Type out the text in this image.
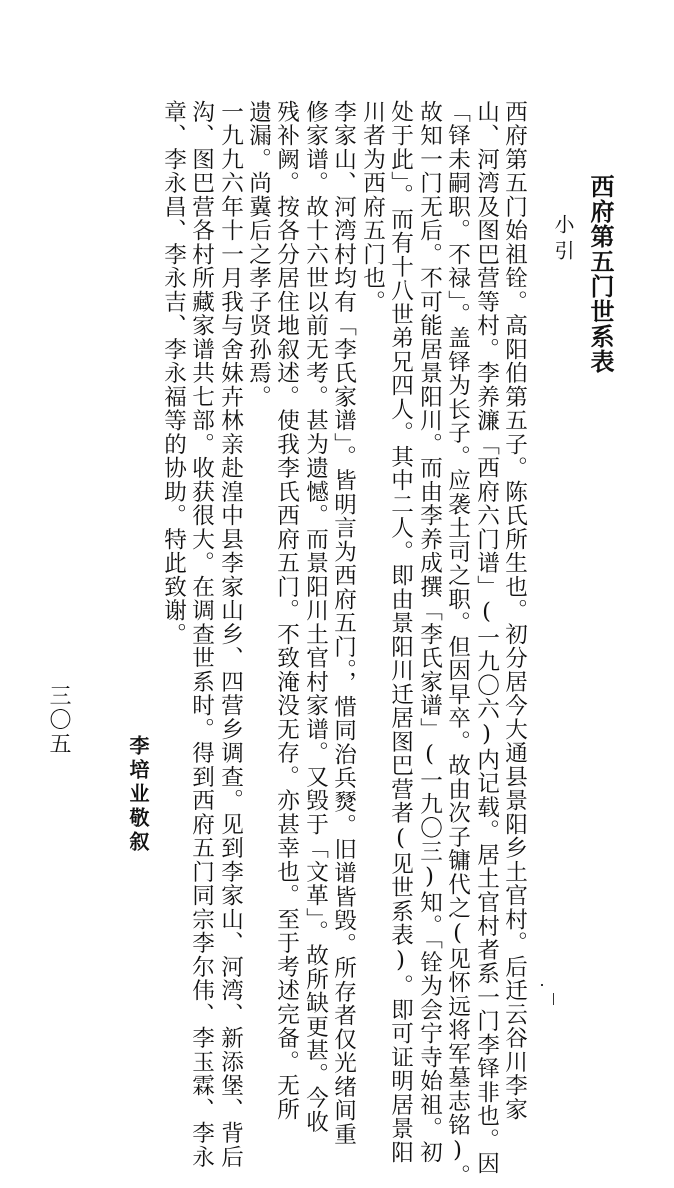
西府第五门世系表
小引
西府第五门始祖铨。高阳伯第五子。陈氏所生也。初分居今大通县景阳乡土官村。后迁云谷川李家
山、河湾及图巴营等村。李养濂「西府六门谱」(一九〇六)内记载。居土官村者系一门李铎非也。因
「铎未嗣职。不禄」。盖铎为长子。应袭土司之职。但因早卒。故由次子镛代之(见怀远将军墓志铭)。
故知一门无后。不可能居景阳川。而由李养成撰「李氏家谱」(一九〇三)知。「铨为会宁寺始祖。初
处于此」。而有十八世弟兄四人。其中二人。即由景阳川迁居图巴营者(见世系表)。即可证明居景阳
川者为西府五门也。
李家山、河湾村均有「李氏家谱」。皆明言为西府五门。，惜同治兵燹。旧谱皆毁。所存者仅光绪间重
修家谱。故十六世以前无考。甚为遗憾。而景阳川土官村家谱。又毁于「文革」。故所缺更甚。今收
残补阙。按各分居住地叙述。使我李氏西府五门。不致淹没无存。亦甚幸也。至于考述完备。无所
遗漏。尚冀后之孝子贤孙焉。
一九九六年十一月我与舍妹卉林亲赴湟中县李家山乡、四营乡调查。见到李家山、河湾、新添堡、背后
沟、图巴营各村所藏家谱共七部。收获很大。在调查世系时。得到西府五门同宗李尔伟、李玉霖、李永
章、李永昌、李永吉、李永福等的协助。特此致谢。
三〇五
李培业敬叙
